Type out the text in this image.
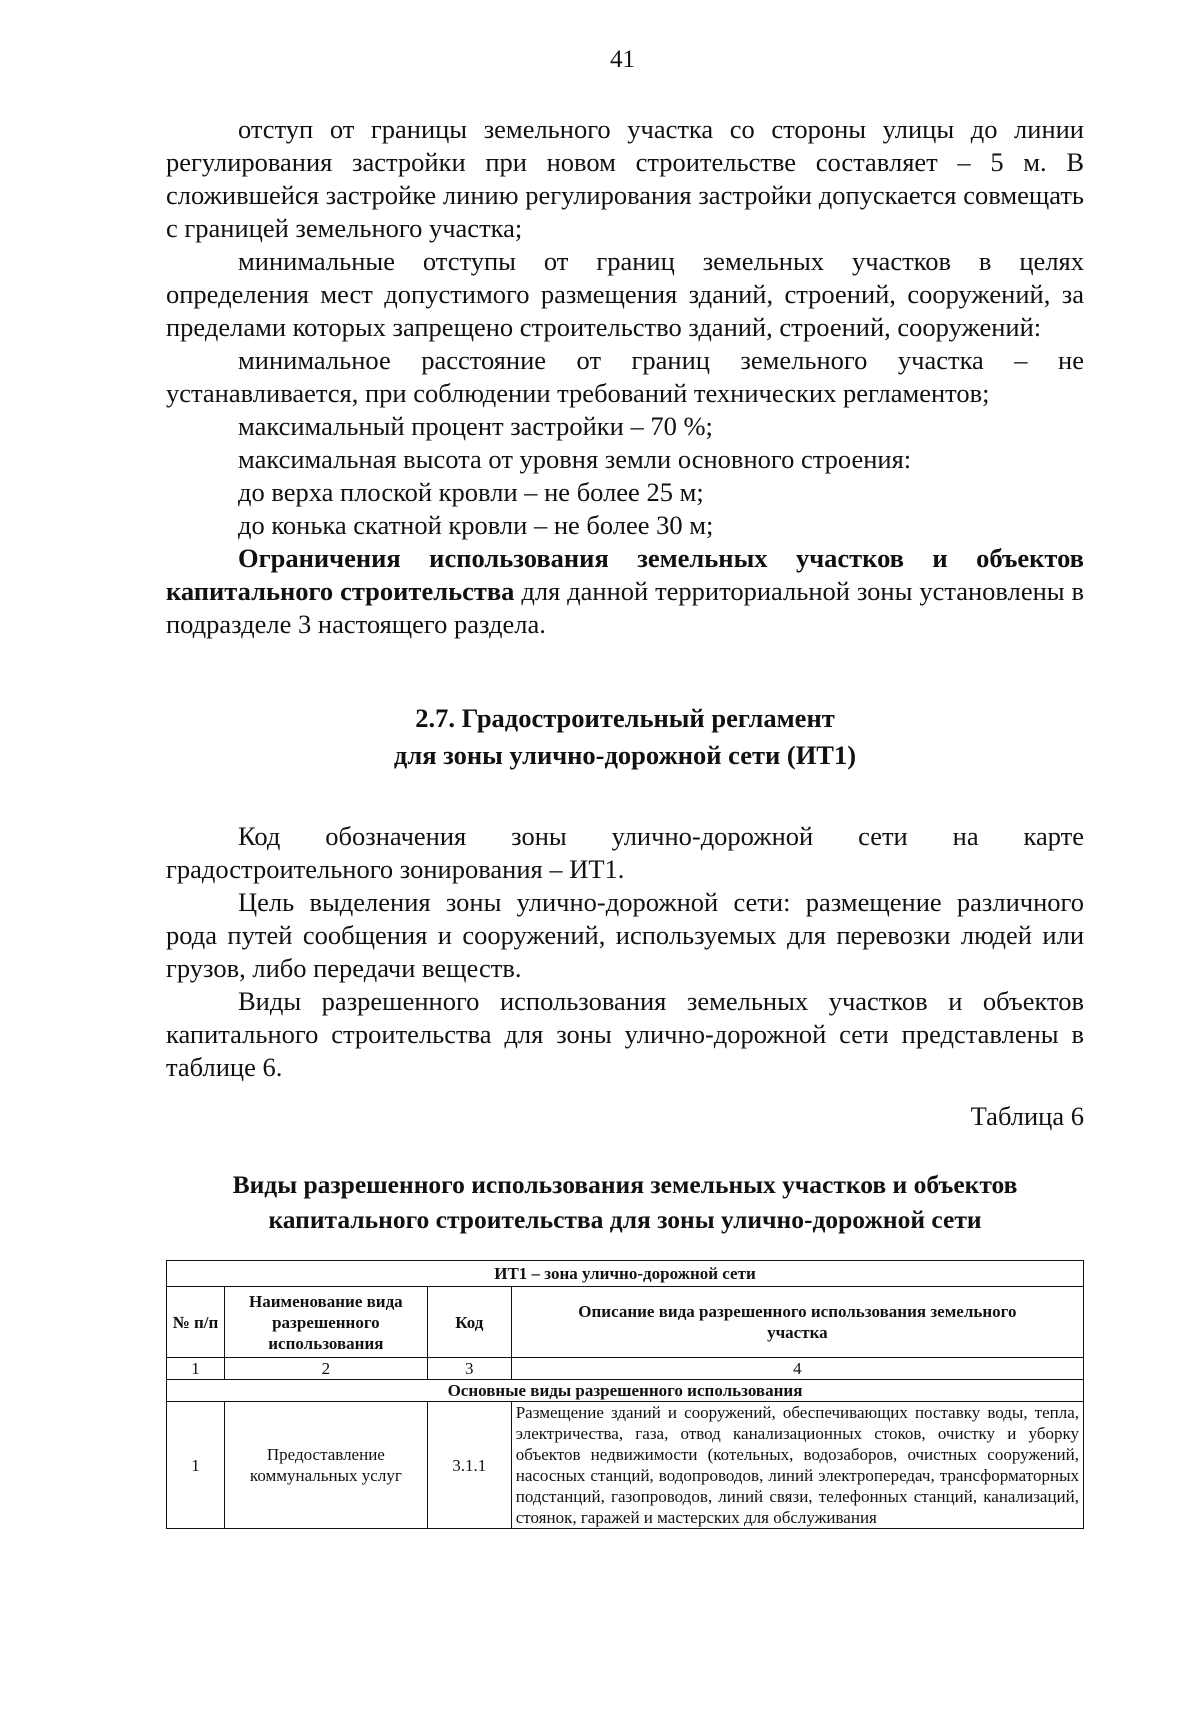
41

отступ от границы земельного участка со стороны улицы до линии регулирования застройки при новом строительстве составляет – 5 м. В сложившейся застройке линию регулирования застройки допускается совмещать с границей земельного участка;

минимальные отступы от границ земельных участков в целях определения мест допустимого размещения зданий, строений, сооружений, за пределами которых запрещено строительство зданий, строений, сооружений:

минимальное расстояние от границ земельного участка – не устанавливается, при соблюдении требований технических регламентов;

максимальный процент застройки – 70 %;

максимальная высота от уровня земли основного строения:

до верха плоской кровли – не более 25 м;

до конька скатной кровли – не более 30 м;

Ограничения использования земельных участков и объектов капитального строительства для данной территориальной зоны установлены в подразделе 3 настоящего раздела.

2.7. Градостроительный регламент
для зоны улично-дорожной сети (ИТ1)

Код обозначения зоны улично-дорожной сети на карте градостроительного зонирования – ИТ1.

Цель выделения зоны улично-дорожной сети: размещение различного рода путей сообщения и сооружений, используемых для перевозки людей или грузов, либо передачи веществ.

Виды разрешенного использования земельных участков и объектов капитального строительства для зоны улично-дорожной сети представлены в таблице 6.

Таблица 6
Виды разрешенного использования земельных участков и объектов
капитального строительства для зоны улично-дорожной сети
ИТ1 – зона улично-дорожной сети			
№ п/п	Наименование вида разрешенного использования	Код	Описание вида разрешенного использования земельного участка
1	2	3	4
Основные виды разрешенного использования			
1	Предоставление коммунальных услуг	3.1.1	Размещение зданий и сооружений, обеспечивающих поставку воды, тепла, электричества, газа, отвод канализационных стоков, очистку и уборку объектов недвижимости (котельных, водозаборов, очистных сооружений, насосных станций, водопроводов, линий электропередач, трансформаторных подстанций, газопроводов, линий связи, телефонных станций, канализаций, стоянок, гаражей и мастерских для обслуживания
